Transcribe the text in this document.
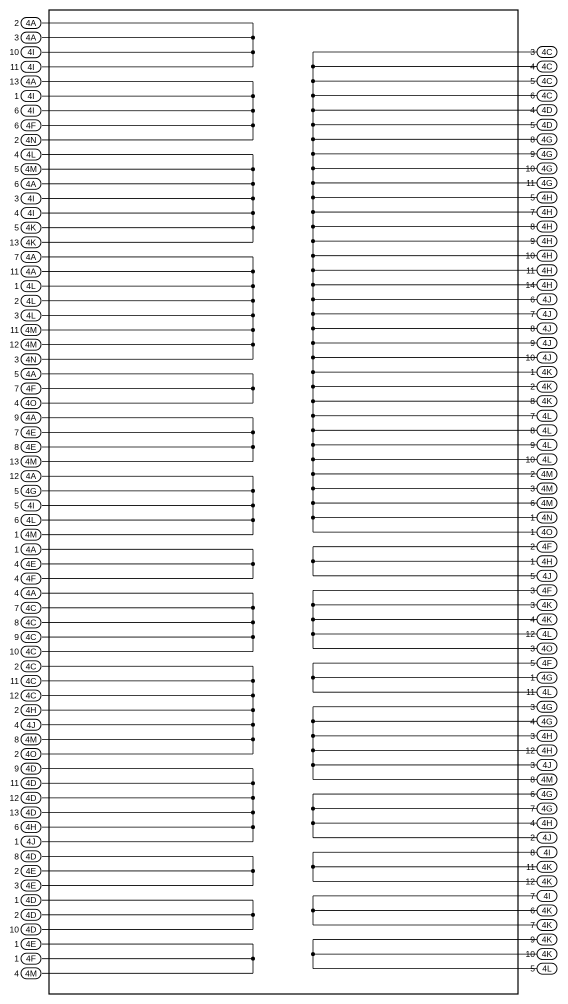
2 4A
3 4A
10 4I
11 4I
13 4A
1 4I
6 4I
6 4F
2 4N
4 4L
5 4M
6 4A
3 4I
4 4I
5 4K
13 4K
7 4A
11 4A
1 4L
2 4L
3 4L
11 4M
12 4M
3 4N
5 4A
7 4F
4 4O
9 4A
7 4E
8 4E
13 4M
12 4A
5 4G
5 4I
6 4L
1 4M
1 4A
4 4E
4 4F
4 4A
7 4C
8 4C
9 4C
10 4C
2 4C
11 4C
12 4C
2 4H
4 4J
8 4M
2 4O
9 4D
11 4D
12 4D
13 4D
6 4H
1 4J
8 4D
2 4E
3 4E
1 4D
2 4D
10 4D
1 4E
1 4F
4 4M
3 4C
4 4C
5 4C
6 4C
4 4D
5 4D
8 4G
9 4G
10 4G
11 4G
5 4H
7 4H
8 4H
9 4H
10 4H
11 4H
14 4H
6 4J
7 4J
8 4J
9 4J
10 4J
1 4K
2 4K
8 4K
7 4L
8 4L
9 4L
10 4L
2 4M
3 4M
6 4M
1 4N
1 4O
2 4F
1 4H
5 4J
3 4F
3 4K
4 4K
12 4L
3 4O
5 4F
1 4G
11 4L
3 4G
4 4G
3 4H
12 4H
3 4J
8 4M
6 4G
7 4G
4 4H
2 4J
8 4I
11 4K
12 4K
7 4I
6 4K
7 4K
9 4K
10 4K
5 4L
